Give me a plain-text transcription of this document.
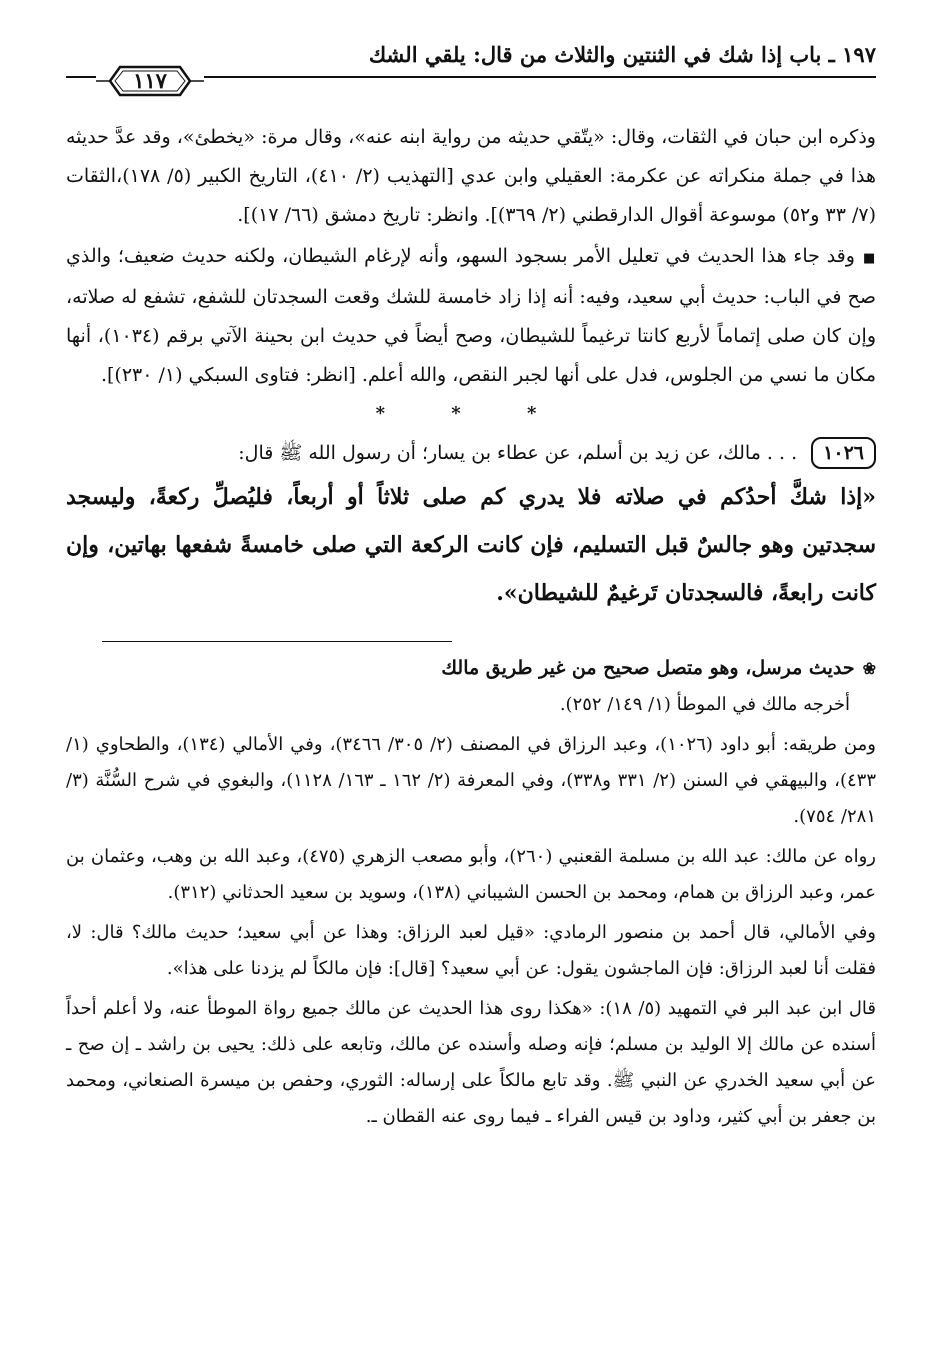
١٩٧ ـ باب إذا شك في الثنتين والثلاث من قال: يلقي الشك
١١٧

وذكره ابن حبان في الثقات، وقال: «يتّقي حديثه من رواية ابنه عنه»، وقال مرة: «يخطئ»، وقد عدَّ حديثه هذا في جملة منكراته عن عكرمة: العقيلي وابن عدي [التهذيب (٢/ ٤١٠)، التاريخ الكبير (٥/ ١٧٨)،الثقات (٧/ ٣٣ و٥٢) موسوعة أقوال الدارقطني (٢/ ٣٦٩)]. وانظر: تاريخ دمشق (٦٦/ ١٧)].

■وقد جاء هذا الحديث في تعليل الأمر بسجود السهو، وأنه لإرغام الشيطان، ولكنه حديث ضعيف؛ والذي صح في الباب: حديث أبي سعيد، وفيه: أنه إذا زاد خامسة للشك وقعت السجدتان للشفع، تشفع له صلاته، وإن كان صلى إتماماً لأربع كانتا ترغيماً للشيطان، وصح أيضاً في حديث ابن بحينة الآتي برقم (١٠٣٤)، أنها مكان ما نسي من الجلوس، فدل على أنها لجبر النقص، والله أعلم. [انظر: فتاوى السبكي (١/ ٢٣٠)].

* * *
١٠٢٦ . . . مالك، عن زيد بن أسلم، عن عطاء بن يسار؛ أن رسول الله ﷺ قال:
«إذا شكَّ أحدُكم في صلاته فلا يدري كم صلى ثلاثاً أو أربعاً، فليُصلِّ ركعةً، وليسجد سجدتين وهو جالسٌ قبل التسليم، فإن كانت الركعة التي صلى خامسةً شفعها بهاتين، وإن كانت رابعةً، فالسجدتان تَرغيمٌ للشيطان».
❀حديث مرسل، وهو متصل صحيح من غير طريق مالك

أخرجه مالك في الموطأ (١/ ١٤٩/ ٢٥٢).

ومن طريقه: أبو داود (١٠٢٦)، وعبد الرزاق في المصنف (٢/ ٣٠٥/ ٣٤٦٦)، وفي الأمالي (١٣٤)، والطحاوي (١/ ٤٣٣)، والبيهقي في السنن (٢/ ٣٣١ و٣٣٨)، وفي المعرفة (٢/ ١٦٢ ـ ١٦٣/ ١١٢٨)، والبغوي في شرح السُّنَّة (٣/ ٢٨١/ ٧٥٤).

رواه عن مالك: عبد الله بن مسلمة القعنبي (٢٦٠)، وأبو مصعب الزهري (٤٧٥)، وعبد الله بن وهب، وعثمان بن عمر، وعبد الرزاق بن همام، ومحمد بن الحسن الشيباني (١٣٨)، وسويد بن سعيد الحدثاني (٣١٢).

وفي الأمالي، قال أحمد بن منصور الرمادي: «قيل لعبد الرزاق: وهذا عن أبي سعيد؛ حديث مالك؟ قال: لا، فقلت أنا لعبد الرزاق: فإن الماجشون يقول: عن أبي سعيد؟ [قال]: فإن مالكاً لم يزدنا على هذا».

قال ابن عبد البر في التمهيد (٥/ ١٨): «هكذا روى هذا الحديث عن مالك جميع رواة الموطأ عنه، ولا أعلم أحداً أسنده عن مالك إلا الوليد بن مسلم؛ فإنه وصله وأسنده عن مالك، وتابعه على ذلك: يحيى بن راشد ـ إن صح ـ عن أبي سعيد الخدري عن النبي ﷺ. وقد تابع مالكاً على إرساله: الثوري، وحفص بن ميسرة الصنعاني، ومحمد بن جعفر بن أبي كثير، وداود بن قيس الفراء ـ فيما روى عنه القطان ـ.
